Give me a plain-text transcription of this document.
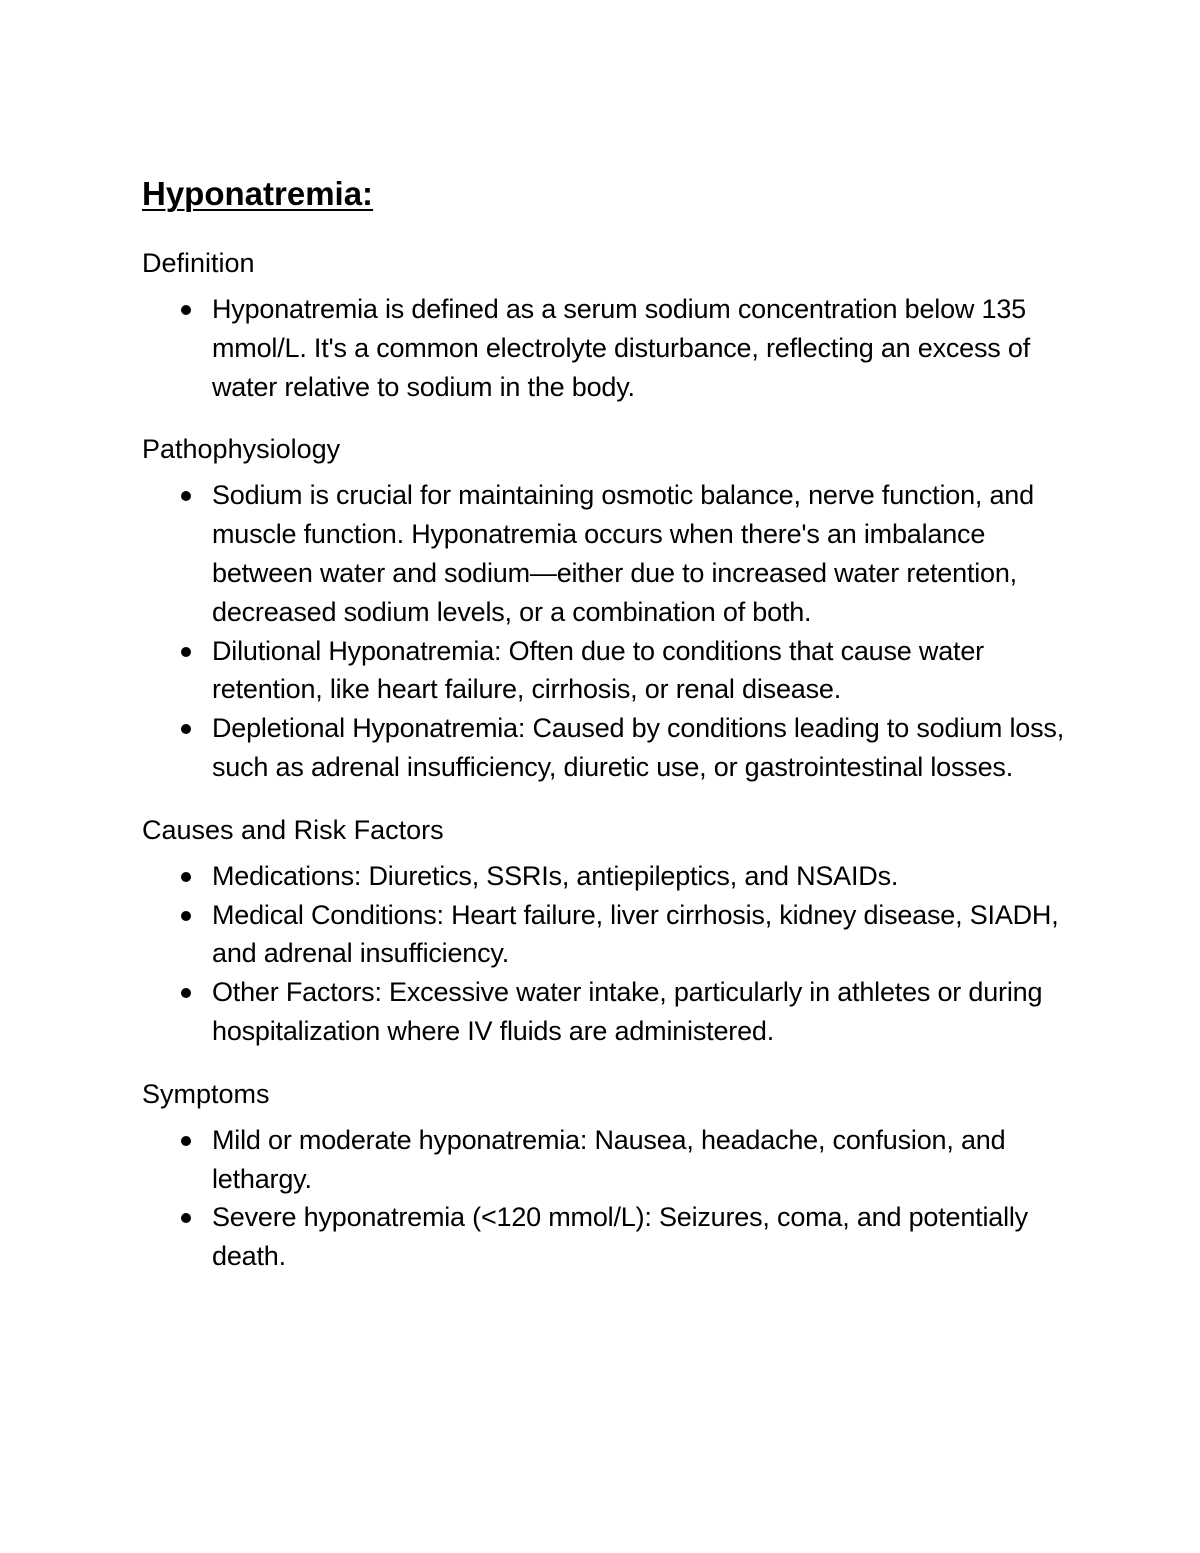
Hyponatremia:
Definition
Hyponatremia is defined as a serum sodium concentration below 135 mmol/L. It's a common electrolyte disturbance, reflecting an excess of water relative to sodium in the body.
Pathophysiology
Sodium is crucial for maintaining osmotic balance, nerve function, and muscle function. Hyponatremia occurs when there's an imbalance between water and sodium—either due to increased water retention, decreased sodium levels, or a combination of both.
Dilutional Hyponatremia: Often due to conditions that cause water retention, like heart failure, cirrhosis, or renal disease.
Depletional Hyponatremia: Caused by conditions leading to sodium loss, such as adrenal insufficiency, diuretic use, or gastrointestinal losses.
Causes and Risk Factors
Medications: Diuretics, SSRIs, antiepileptics, and NSAIDs.
Medical Conditions: Heart failure, liver cirrhosis, kidney disease, SIADH, and adrenal insufficiency.
Other Factors: Excessive water intake, particularly in athletes or during hospitalization where IV fluids are administered.
Symptoms
Mild or moderate hyponatremia: Nausea, headache, confusion, and lethargy.
Severe hyponatremia (<120 mmol/L): Seizures, coma, and potentially death.
